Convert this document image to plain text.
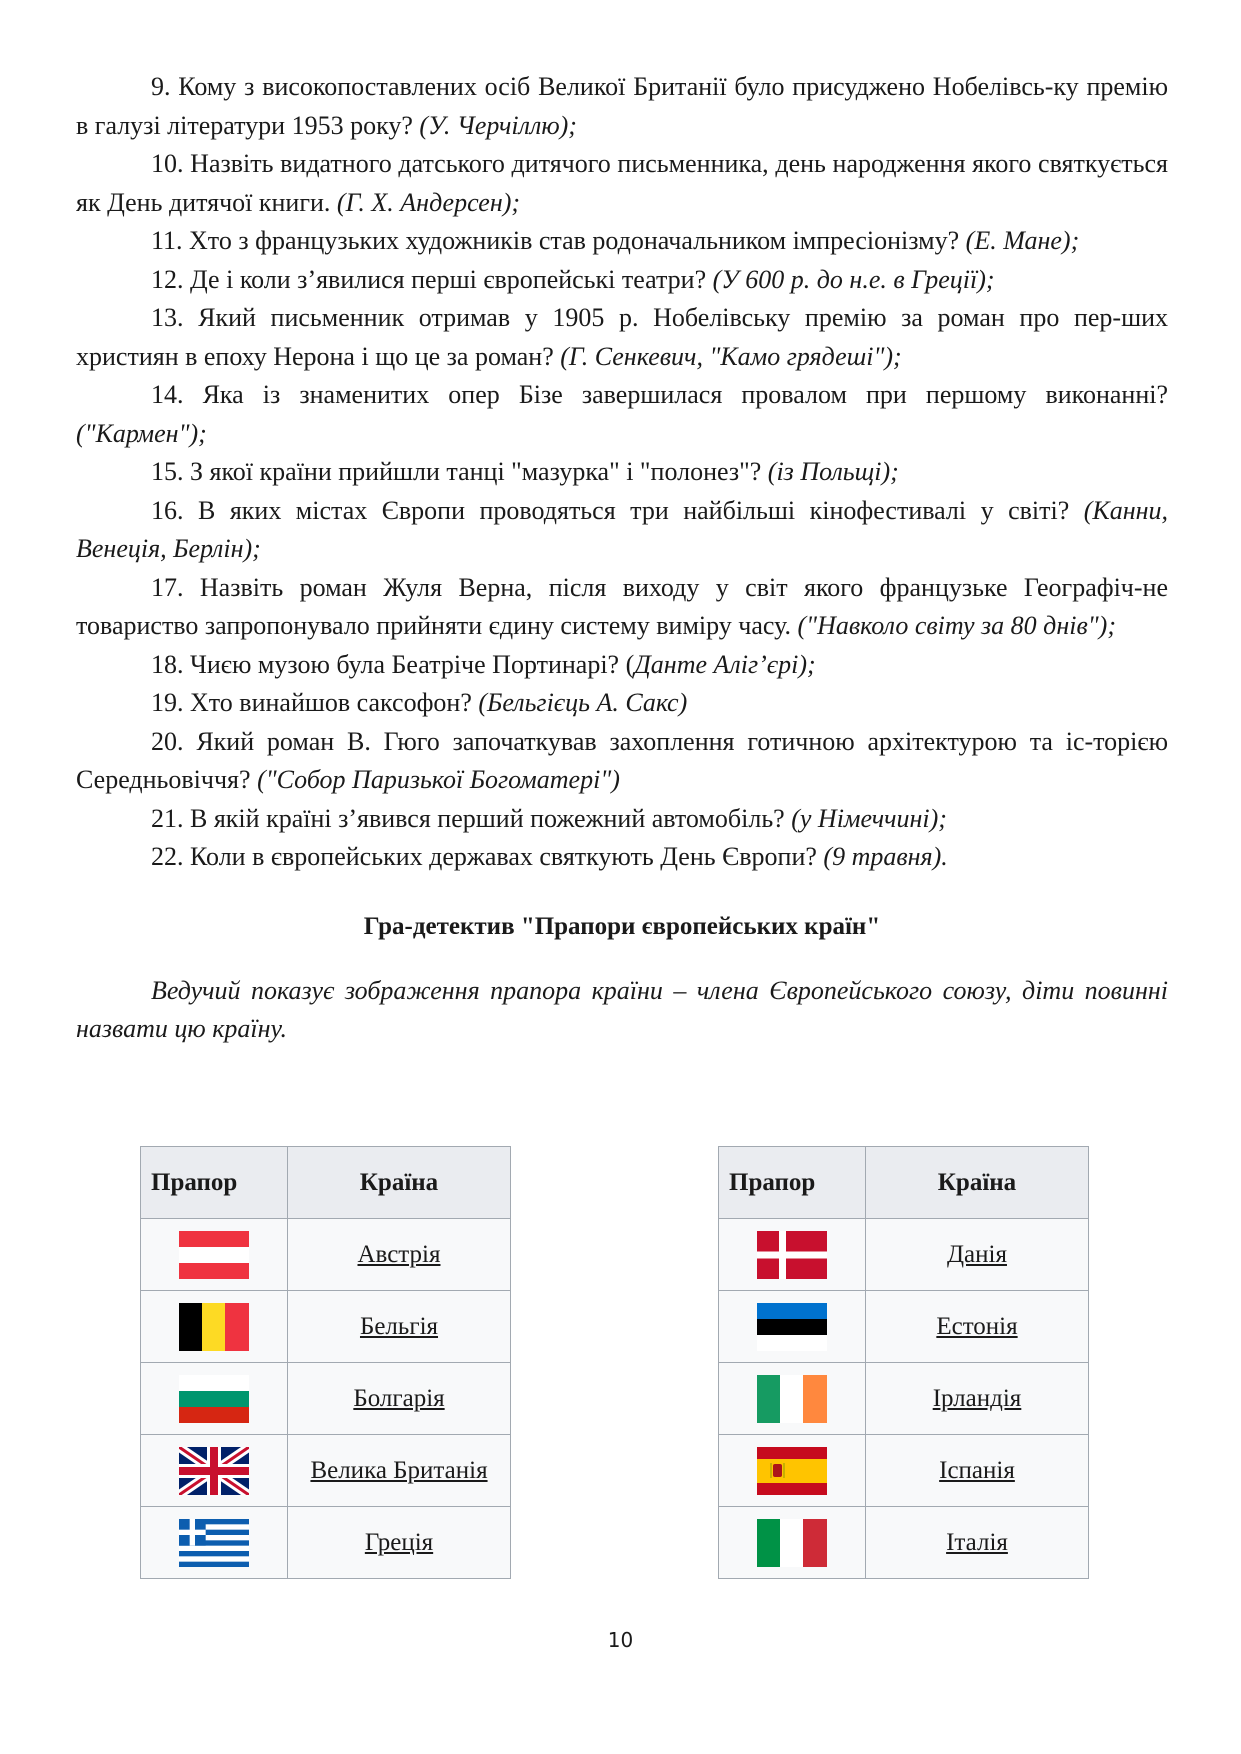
9. Кому з високопоставлених осіб Великої Британії було присуджено Нобелівсь-ку премію в галузі літератури 1953 року? (У. Черчіллю);

10. Назвіть видатного датського дитячого письменника, день народження якого святкується як День дитячої книги. (Г. Х. Андерсен);

11. Хто з французьких художників став родоначальником імпресіонізму? (Е. Мане);

12. Де і коли з’явилися перші європейські театри? (У 600 р. до н.е. в Греції);

13. Який письменник отримав у 1905 р. Нобелівську премію за роман про пер-ших християн в епоху Нерона і що це за роман? (Г. Сенкевич, "Камо грядеші");

14. Яка із знаменитих опер Бізе завершилася провалом при першому виконанні? ("Кармен");

15. З якої країни прийшли танці "мазурка" і "полонез"? (із Польщі);

16. В яких містах Європи проводяться три найбільші кінофестивалі у світі? (Канни, Венеція, Берлін);

17. Назвіть роман Жуля Верна, після виходу у світ якого французьке Географіч-не товариство запропонувало прийняти єдину систему виміру часу. ("Навколо світу за 80 днів");

18. Чиєю музою була Беатріче Портинарі? (Данте Аліг’єрі);

19. Хто винайшов саксофон? (Бельгієць А. Сакс)

20. Який роман В. Гюго започаткував захоплення готичною архітектурою та іс-торією Середньовіччя? ("Собор Паризької Богоматері")

21. В якій країні з’явився перший пожежний автомобіль? (у Німеччині);

22. Коли в європейських державах святкують День Європи? (9 травня).

Гра-детектив "Прапори європейських країн"

Ведучий показує зображення прапора країни – члена Європейського союзу, діти повинні назвати цю країну.

Прапор	Країна

	Австрія

	Бельгія

	Болгарія

	Велика Британія

	Греція
Прапор	Країна

	Данія

	Естонія

	Ірландія

	Іспанія

	Італія
10
